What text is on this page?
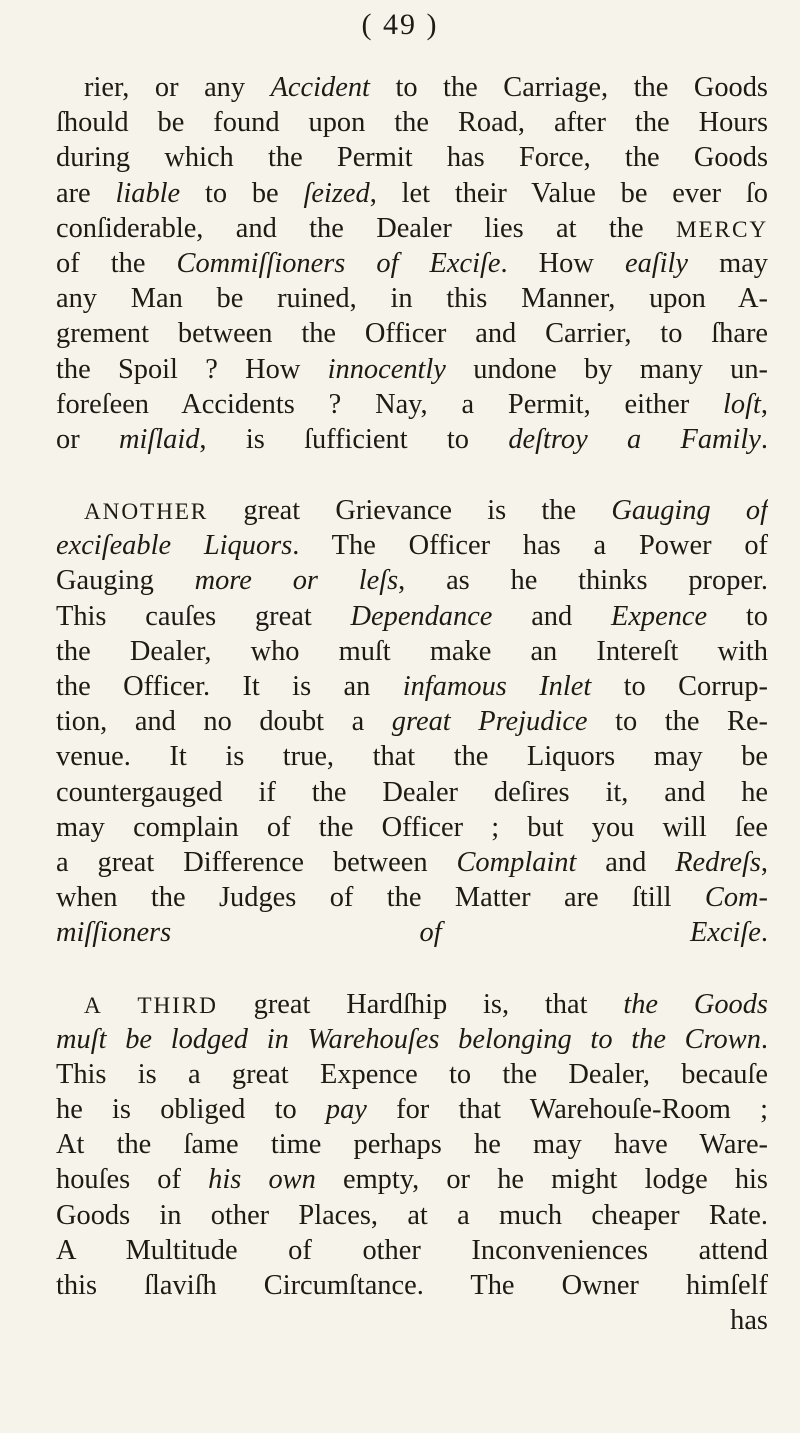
( 49 )
rier, or any Accident to the Carriage, the Goods
ſhould be found upon the Road, after the Hours
during which the Permit has Force, the Goods
are liable to be ſeized, let their Value be ever ſo
conſiderable, and the Dealer lies at the MERCY
of the Commiſſioners of Exciſe. How eaſily may
any Man be ruined, in this Manner, upon A-
grement between the Officer and Carrier, to ſhare
the Spoil ? How innocently undone by many un-
foreſeen Accidents ? Nay, a Permit, either loſt,
or miſlaid, is ſufficient to deſtroy a Family.
ANOTHER great Grievance is the Gauging of
exciſeable Liquors. The Officer has a Power of
Gauging more or leſs, as he thinks proper.
This cauſes great Dependance and Expence to
the Dealer, who muſt make an Intereſt with
the Officer. It is an infamous Inlet to Corrup-
tion, and no doubt a great Prejudice to the Re-
venue. It is true, that the Liquors may be
countergauged if the Dealer deſires it, and he
may complain of the Officer ; but you will ſee
a great Difference between Complaint and Redreſs,
when the Judges of the Matter are ſtill Com-
miſſioners of Exciſe.
A THIRD great Hardſhip is, that the Goods
muſt be lodged in Warehouſes belonging to the Crown.
This is a great Expence to the Dealer, becauſe
he is obliged to pay for that Warehouſe-Room ;
At the ſame time perhaps he may have Ware-
houſes of his own empty, or he might lodge his
Goods in other Places, at a much cheaper Rate.
A Multitude of other Inconveniences attend
this ſlaviſh Circumſtance. The Owner himſelf
has
